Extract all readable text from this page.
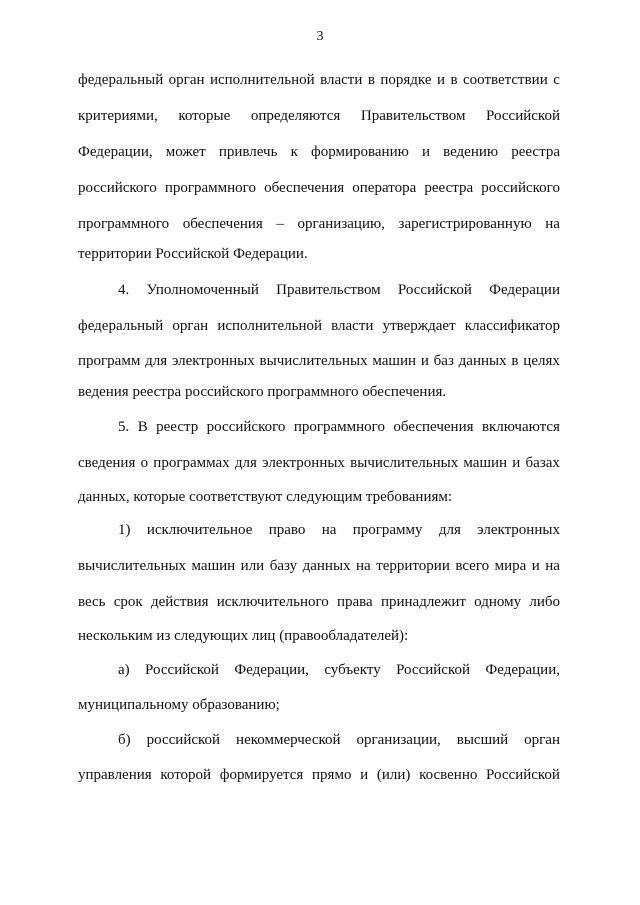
3
федеральный орган исполнительной власти в порядке и в соответствии с
критериями, которые определяются Правительством Российской
Федерации, может привлечь к формированию и ведению реестра
российского программного обеспечения оператора реестра российского
программного обеспечения – организацию, зарегистрированную на
территории Российской Федерации.
4. Уполномоченный Правительством Российской Федерации
федеральный орган исполнительной власти утверждает классификатор
программ для электронных вычислительных машин и баз данных в целях
ведения реестра российского программного обеспечения.
5. В реестр российского программного обеспечения включаются
сведения о программах для электронных вычислительных машин и базах
данных, которые соответствуют следующим требованиям:
1) исключительное право на программу для электронных
вычислительных машин или базу данных на территории всего мира и на
весь срок действия исключительного права принадлежит одному либо
нескольким из следующих лиц (правообладателей):
а) Российской Федерации, субъекту Российской Федерации,
муниципальному образованию;
б) российской некоммерческой организации, высший орган
управления которой формируется прямо и (или) косвенно Российской
